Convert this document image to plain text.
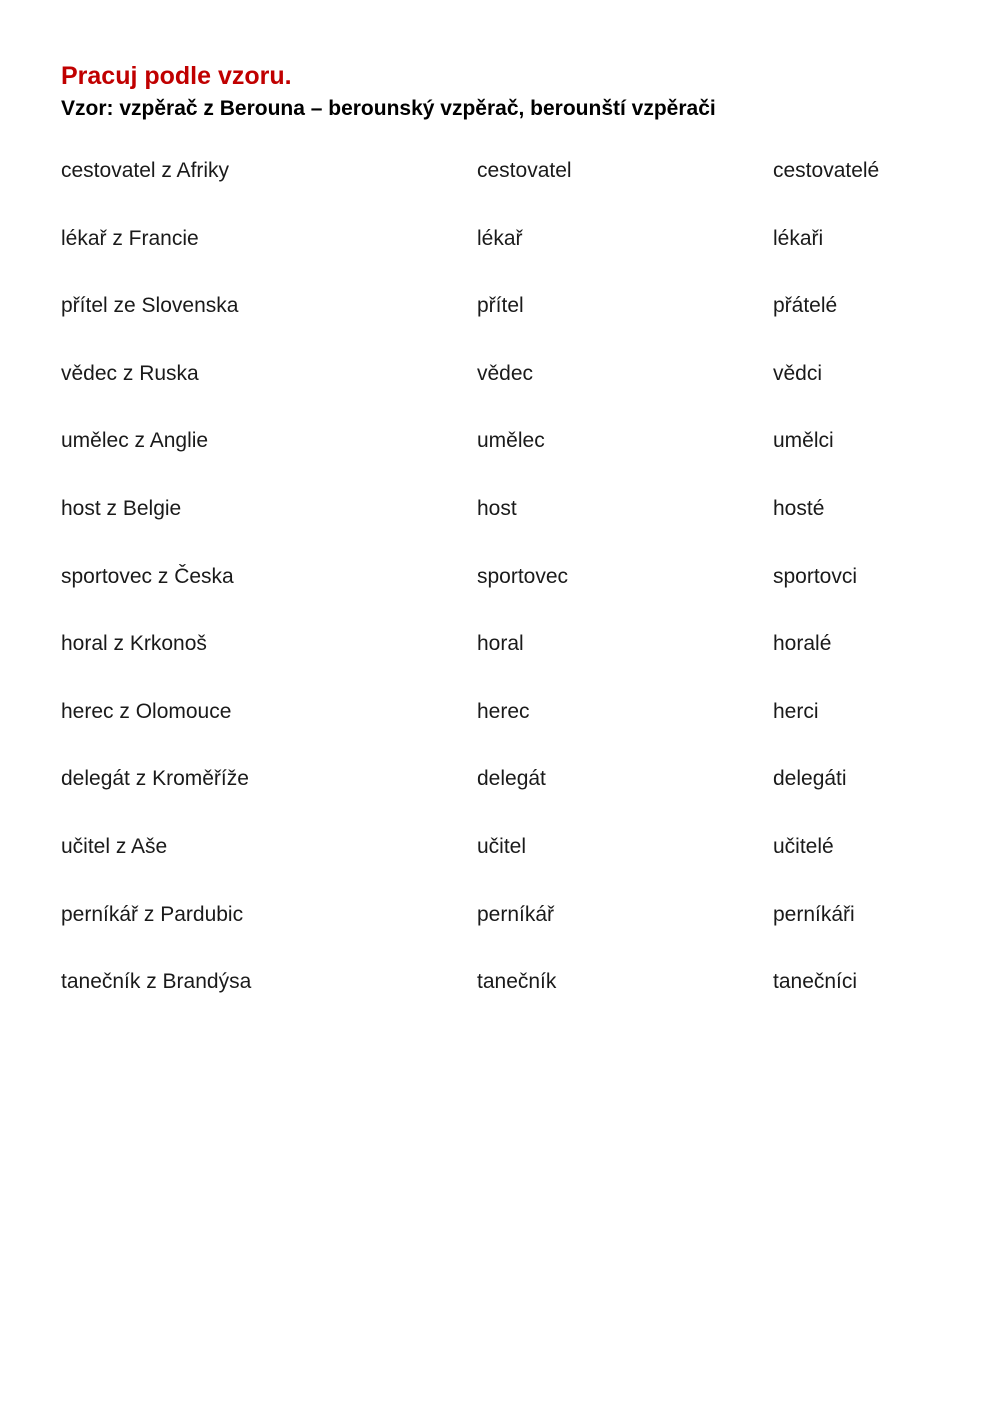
Pracuj podle vzoru.
Vzor: vzpěrač z Berouna – berounský vzpěrač, berounští vzpěrači
cestovatel z Afriky	cestovatel	cestovatelé
lékař z Francie	lékař	lékaři
přítel ze Slovenska	přítel	přátelé
vědec z Ruska	vědec	vědci
umělec z Anglie	umělec	umělci
host z Belgie	host	hosté
sportovec z Česka	sportovec	sportovci
horal z Krkonoš	horal	horalé
herec z Olomouce	herec	herci
delegát z Kroměříže	delegát	delegáti
učitel z Aše	učitel	učitelé
perníkář z Pardubic	perníkář	perníkáři
tanečník z Brandýsa	tanečník	tanečníci
